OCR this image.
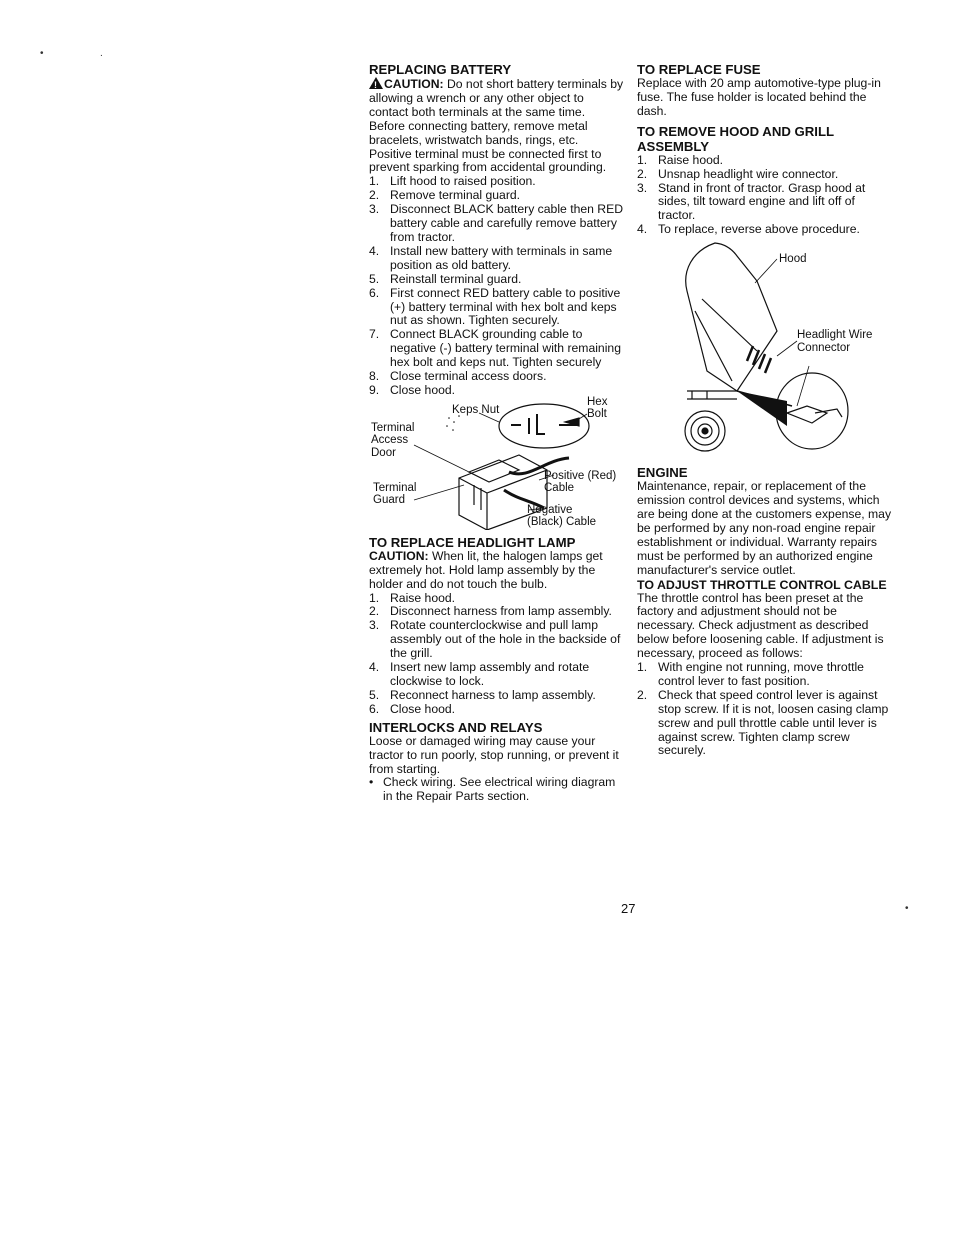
•	.
•
REPLACING BATTERY

!CAUTION: Do not short battery terminals by allowing a wrench or any other object to contact both terminals at the same time. Before connecting battery, remove metal bracelets, wristwatch bands, rings, etc.

Positive terminal must be connected first to prevent sparking from accidental grounding.

1. Lift hood to raised position.
2. Remove terminal guard.
3. Disconnect BLACK battery cable then RED battery cable and carefully remove battery from tractor.
4. Install new battery with terminals in same position as old battery.
5. Reinstall terminal guard.
6. First connect RED battery cable to positive (+) battery terminal with hex bolt and keps nut as shown. Tighten securely.
7. Connect BLACK grounding cable to negative (-) battery terminal with remaining hex bolt and keps nut. Tighten securely
8. Close terminal access doors.
9. Close hood.
Keps Nut
Hex Bolt
Terminal Access Door
Terminal Guard
Positive (Red) Cable
Negative (Black) Cable
TO REPLACE HEADLIGHT LAMP

CAUTION: When lit, the halogen lamps get extremely hot. Hold lamp assembly by the holder and do not touch the bulb.

1. Raise hood.
2. Disconnect harness from lamp assembly.
3. Rotate counterclockwise and pull lamp assembly out of the hole in the backside of the grill.
4. Insert new lamp assembly and rotate clockwise to lock.
5. Reconnect harness to lamp assembly.
6. Close hood.
INTERLOCKS AND RELAYS

Loose or damaged wiring may cause your tractor to run poorly, stop running, or prevent it from starting.

• Check wiring. See electrical wiring diagram in the Repair Parts section.
TO REPLACE FUSE

Replace with 20 amp automotive-type plug-in fuse. The fuse holder is located behind the dash.

TO REMOVE HOOD AND GRILL ASSEMBLY
1. Raise hood.
2. Unsnap headlight wire connector.
3. Stand in front of tractor. Grasp hood at sides, tilt toward engine and lift off of tractor.
4. To replace, reverse above procedure.
Hood
Headlight Wire Connector
ENGINE

Maintenance, repair, or replacement of the emission control devices and systems, which are being done at the customers expense, may be performed by any non-road engine repair establishment or individual. Warranty repairs must be performed by an authorized engine manufacturer's service outlet.

TO ADJUST THROTTLE CONTROL CABLE

The throttle control has been preset at the factory and adjustment should not be necessary. Check adjustment as described below before loosening cable. If adjustment is necessary, proceed as follows:

1. With engine not running, move throttle control lever to fast position.
2. Check that speed control lever is against stop screw. If it is not, loosen casing clamp screw and pull throttle cable until lever is against screw. Tighten clamp screw securely.
27
